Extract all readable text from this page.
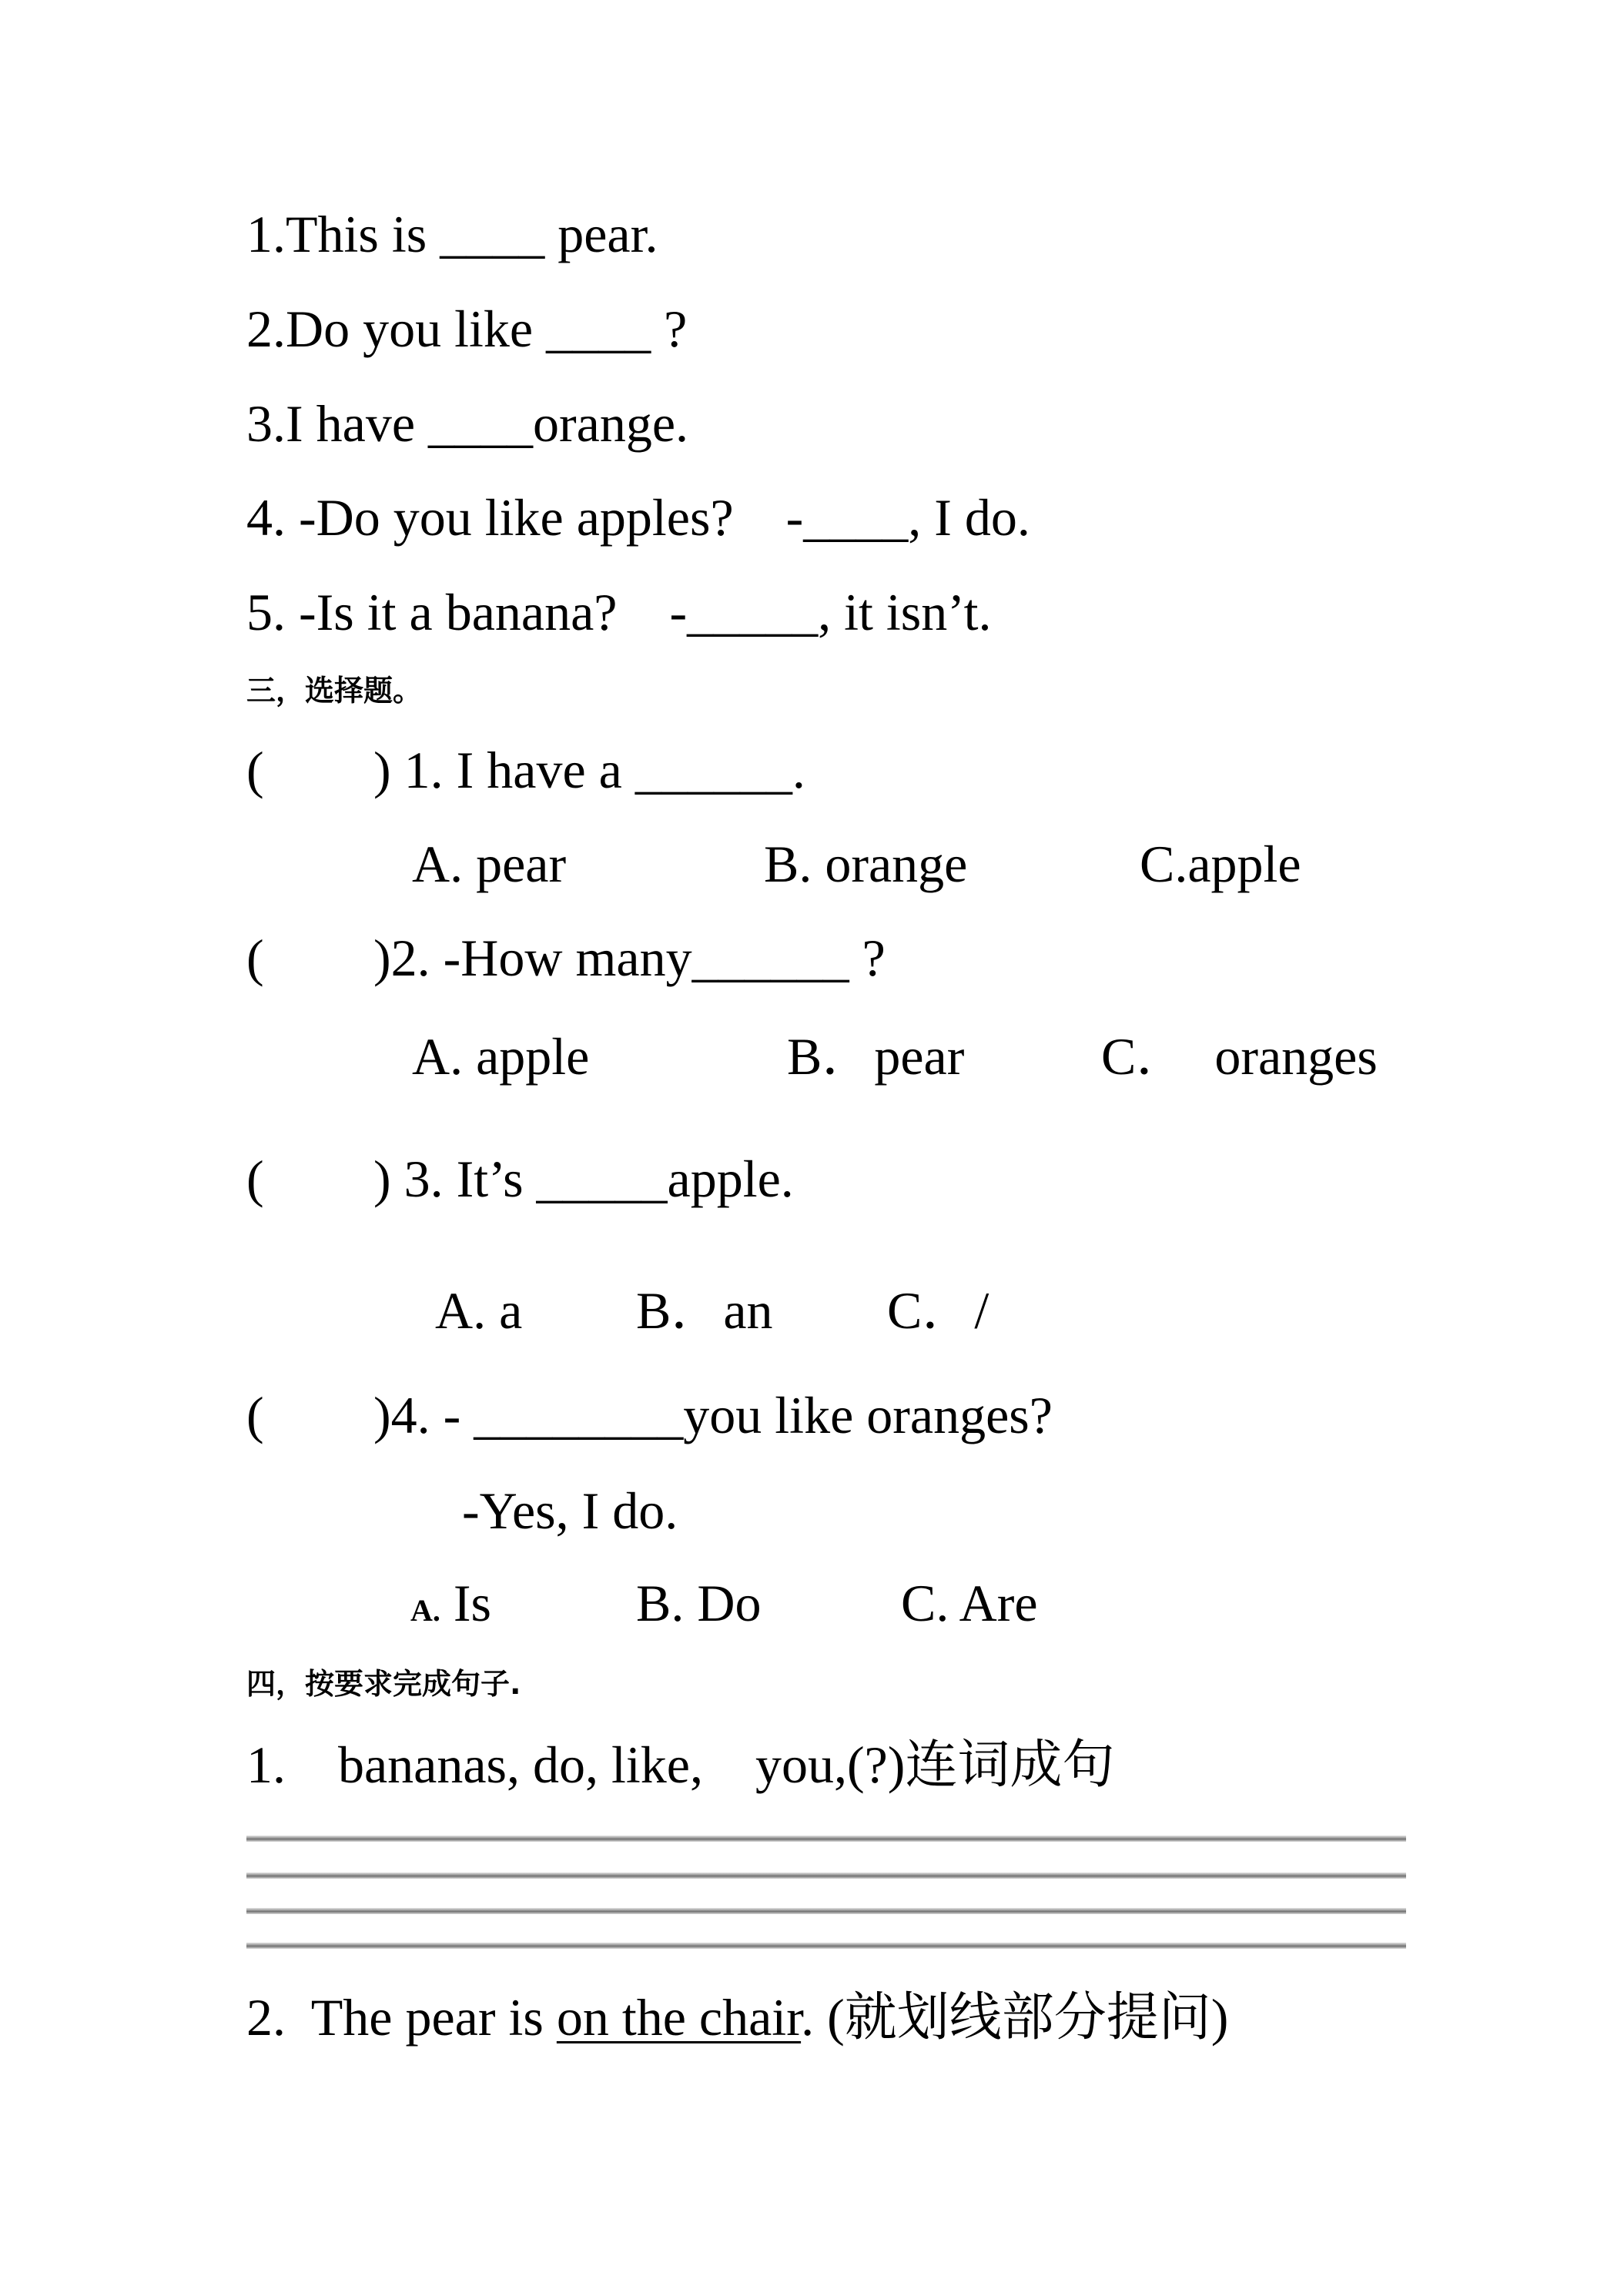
1.This is ____ pear.
2.Do you like ____ ?
3.I have ____orange.
4. -Do you like apples?    -____, I do.
5. -Is it a banana?    -_____, it isn’t.
三，选择题。
( ) 1. I have a ______.
A. pear	B. orange	C.apple
( )2. -How many______ ?
A. apple	B．pear	C．  oranges
( ) 3. It’s _____apple.
A. a B．an C．/
( )4. - ________you like oranges?
-Yes, I do.
A. Is	B. Do	C. Are
四，按要求完成句子.
1.    bananas, do, like,    you,(?)连词成句
2.  The pear is on the chair. (就划线部分提问)
